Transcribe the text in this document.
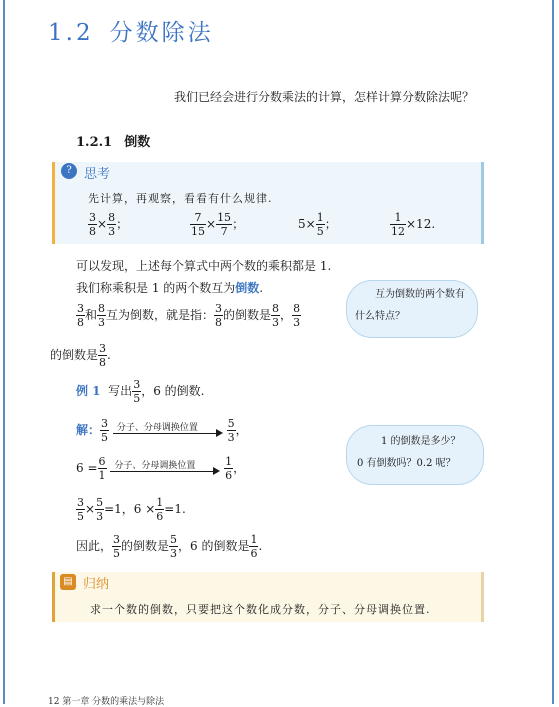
1.2 分数除法
我们已经会进行分数乘法的计算，怎样计算分数除法呢？
1.2.1 倒数
? 思考
先计算，再观察，看看有什么规律.
$\frac{3}{8} \times \frac{8}{3}$ ；	$\frac{7}{15} \times \frac{15}{7}$ ；	$5\times \frac{1}{5}$ ；	$\frac{1}{12} \times 12$.
可以发现，上述每个算式中两个数的乘积都是 1.
我们称乘积是 1 的两个数互为倒数.
$\frac{3}{8}$ 和 $\frac{8}{3}$ 互为倒数，就是指： $\frac{3}{8}$ 的倒数是 $\frac{8}{3}$ ， $\frac{8}{3}$
的倒数是 $\frac{3}{8}$ .
互为倒数的两个数有
什么特点？
例 1 写出 $\frac{3}{5}$ ，6 的倒数.
解： $\frac{3}{5}$
分子、分母调换位置
	$\frac{5}{3}$ ，
$6 = \frac{6}{1}$
分子、分母调换位置
	$\frac{1}{6}$ ，
$\frac{3}{5} \times \frac{5}{3} =1$，$6 \times \frac{1}{6} =1$.
因此， $\frac{3}{5}$ 的倒数是 $\frac{5}{3}$ ，6 的倒数是 $\frac{1}{6}$ .
1 的倒数是多少？
0 有倒数吗？0.2 呢？
▤ 归纳
求一个数的倒数，只要把这个数化成分数，分子、分母调换位置.
12 第一章 分数的乘法与除法
